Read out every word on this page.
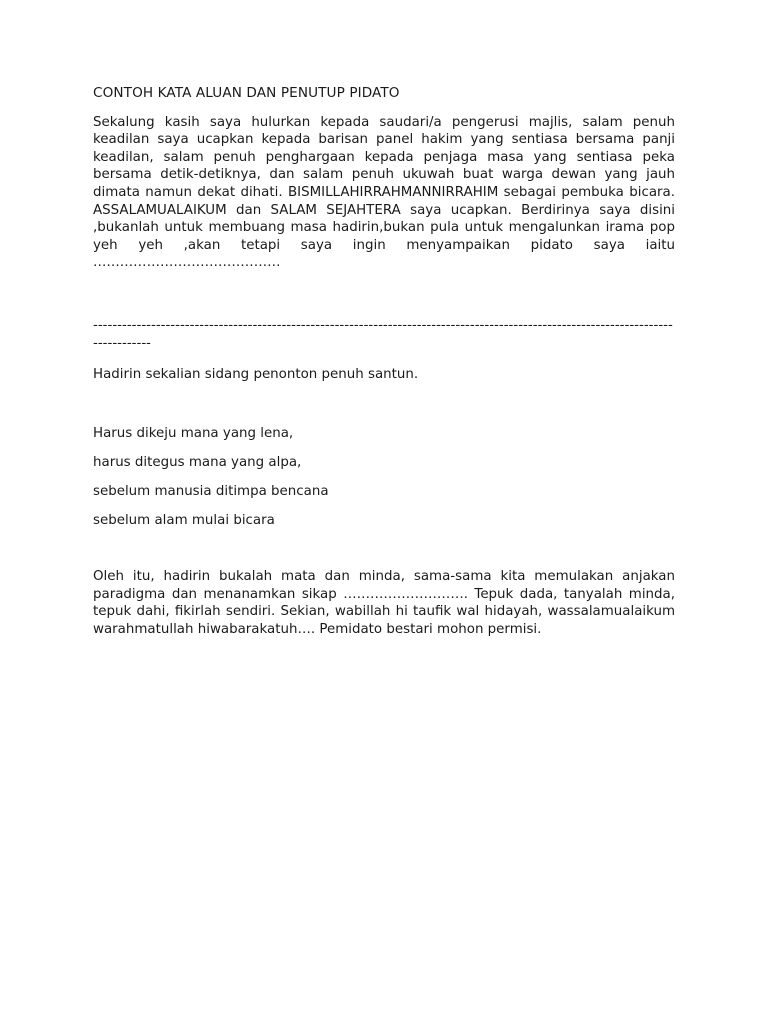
CONTOH KATA ALUAN DAN PENUTUP PIDATO

Sekalung kasih saya hulurkan kepada saudari/a pengerusi majlis, salam penuh keadilan saya ucapkan kepada barisan panel hakim yang sentiasa bersama panji keadilan, salam penuh penghargaan kepada penjaga masa yang sentiasa peka bersama detik-detiknya, dan salam penuh ukuwah buat warga dewan yang jauh dimata namun dekat dihati. BISMILLAHIRRAHMANNIRRAHIM sebagai pembuka bicara. ASSALAMUALAIKUM dan SALAM SEJAHTERA saya ucapkan. Berdirinya saya disini ,bukanlah untuk membuang masa hadirin,bukan pula untuk mengalunkan irama pop yeh yeh ,akan tetapi saya ingin menyampaikan pidato saya iaitu ……………………………………

------------------------------------------------------------------------------------------------------------------------------------

Hadirin sekalian sidang penonton penuh santun.

Harus dikeju mana yang lena,
harus ditegus mana yang alpa,
sebelum manusia ditimpa bencana
sebelum alam mulai bicara

Oleh itu, hadirin bukalah mata dan minda, sama-sama kita memulakan anjakan paradigma dan menanamkan sikap ………………………. Tepuk dada, tanyalah minda, tepuk dahi, fikirlah sendiri. Sekian, wabillah hi taufik wal hidayah, wassalamualaikum warahmatullah hiwabarakatuh…. Pemidato bestari mohon permisi.
